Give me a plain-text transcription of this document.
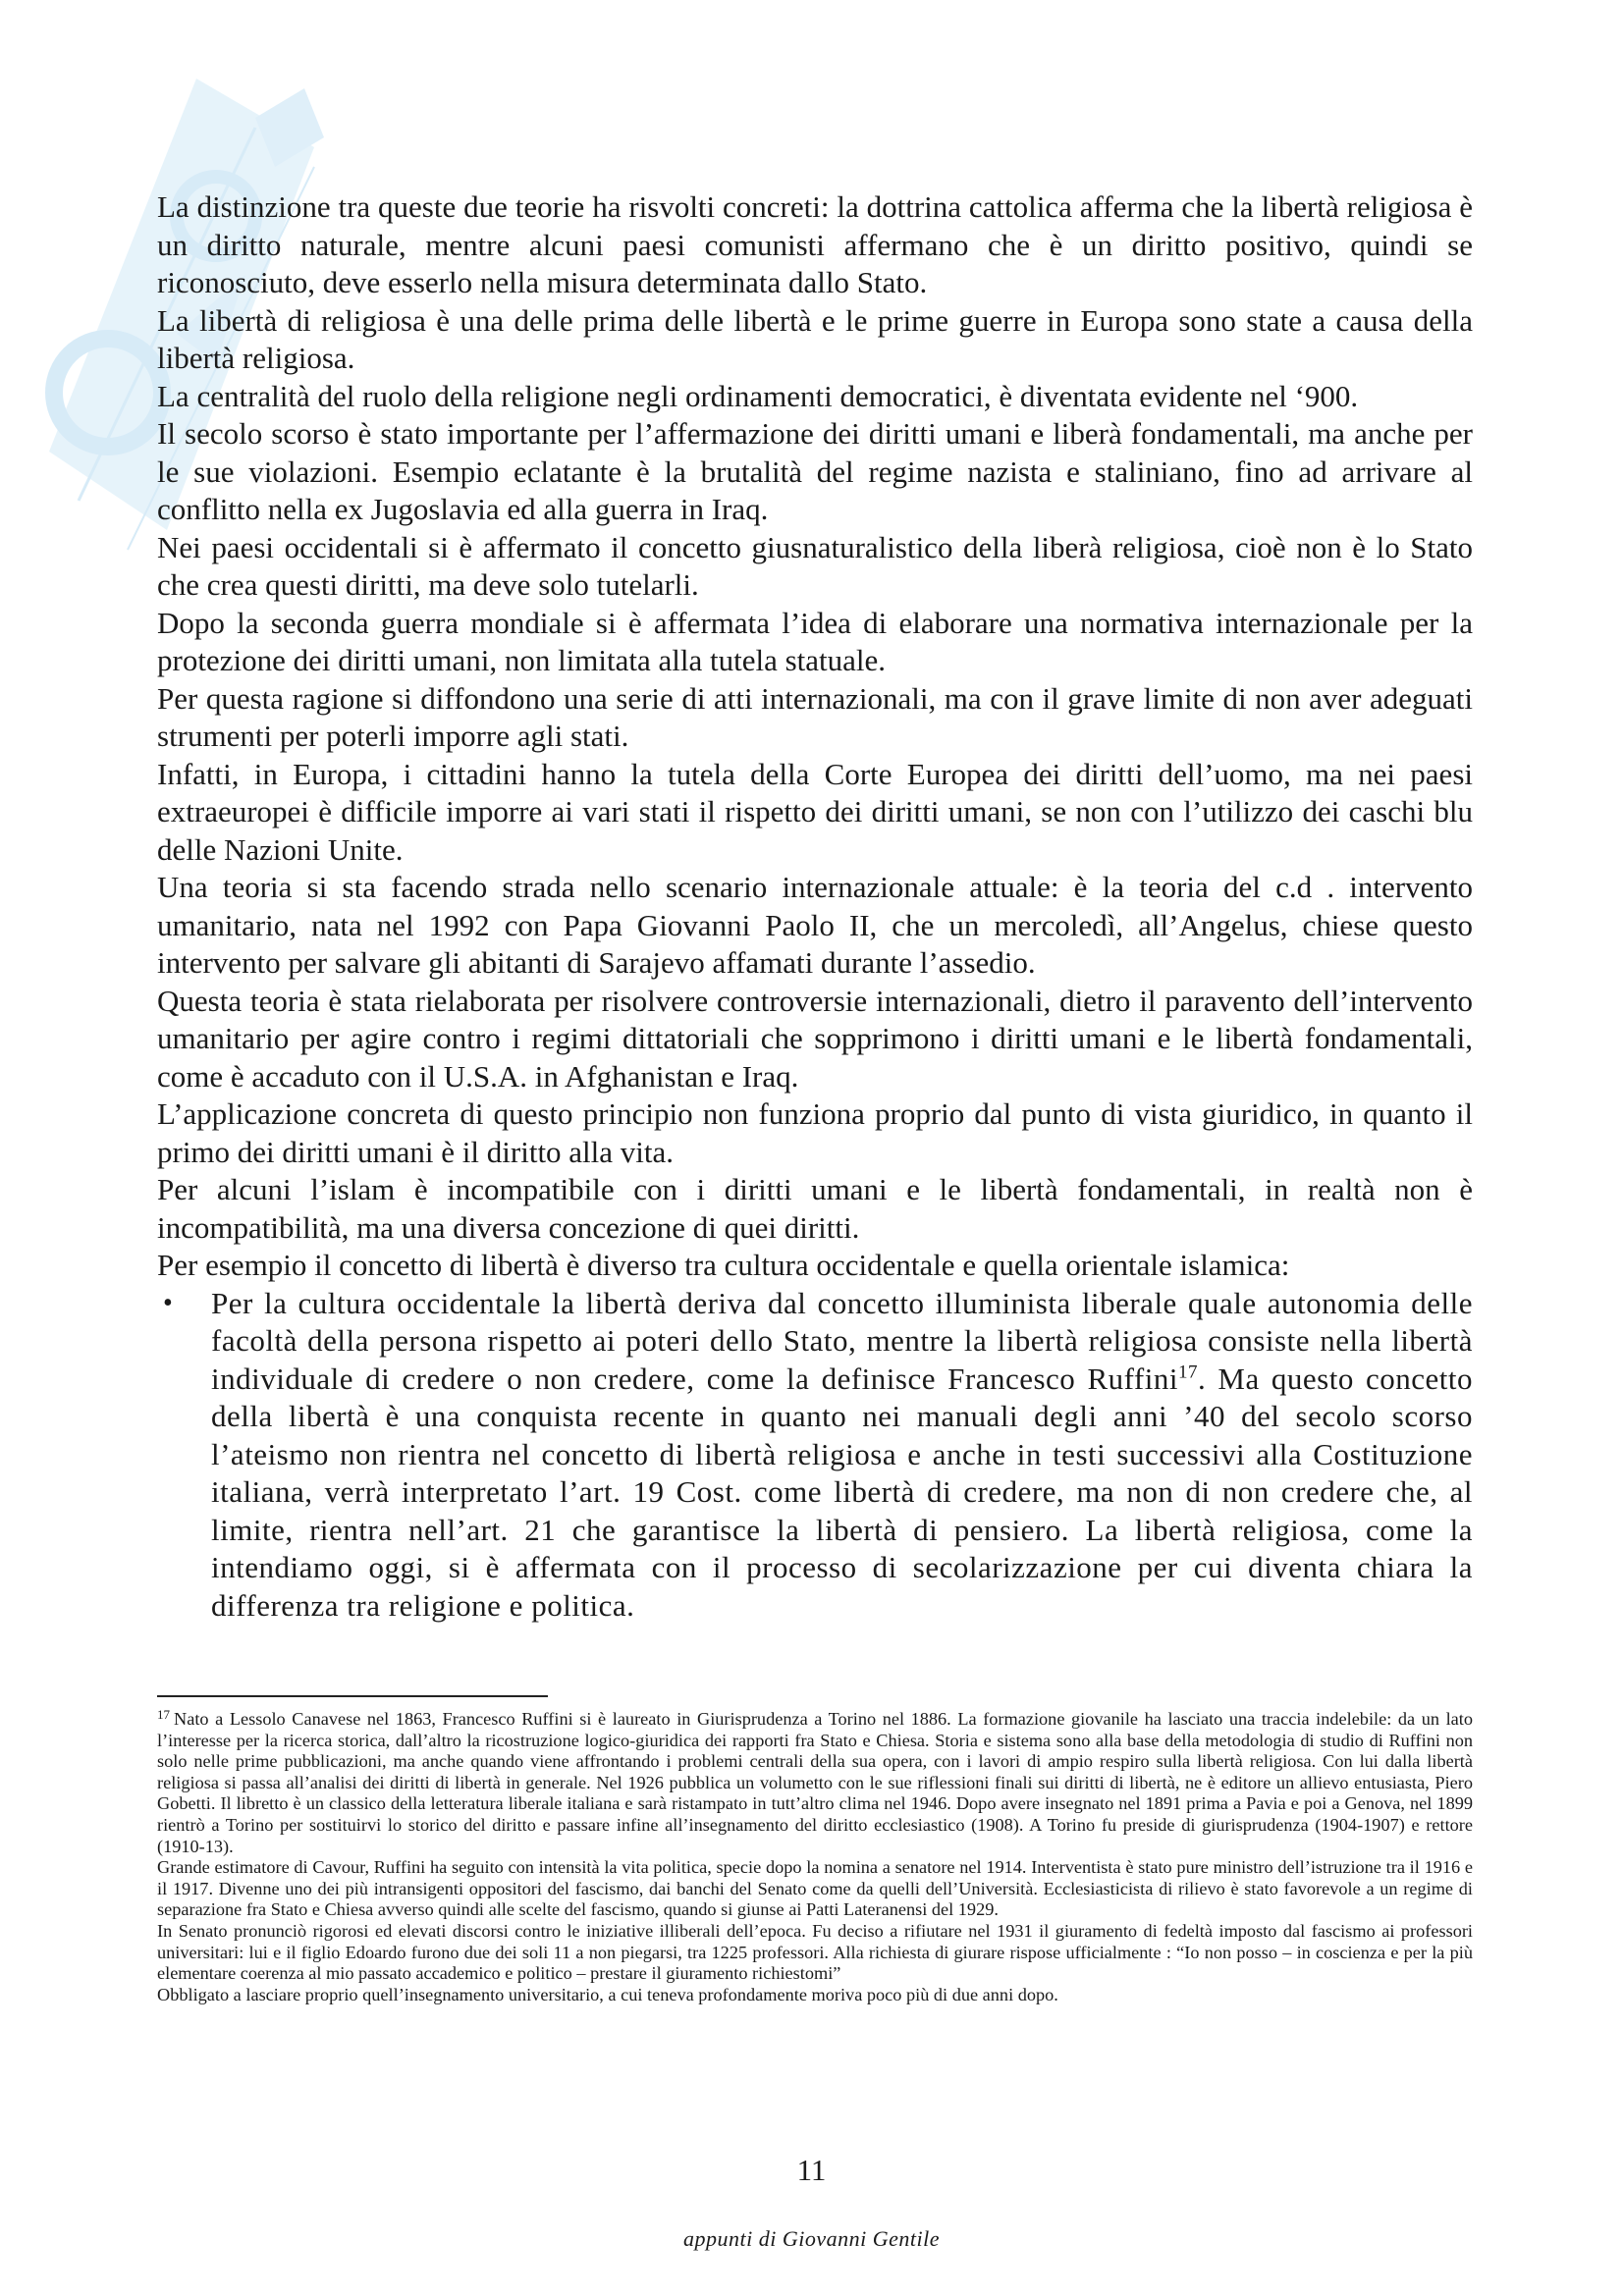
La distinzione tra queste due teorie ha risvolti concreti: la dottrina cattolica afferma che la libertà religiosa è un diritto naturale, mentre alcuni paesi comunisti affermano che è un diritto positivo, quindi se riconosciuto, deve esserlo nella misura determinata dallo Stato.

La libertà di religiosa è una delle prima delle libertà e le prime guerre in Europa sono state a causa della libertà religiosa.

La centralità del ruolo della religione negli ordinamenti democratici, è diventata evidente nel ‘900.

Il secolo scorso è stato importante per l’affermazione dei diritti umani e liberà fondamentali, ma anche per le sue violazioni. Esempio eclatante è la brutalità del regime nazista e staliniano, fino ad arrivare al conflitto nella ex Jugoslavia ed alla guerra in Iraq.

Nei paesi occidentali si è affermato il concetto giusnaturalistico della liberà religiosa, cioè non è lo Stato che crea questi diritti, ma deve solo tutelarli.

Dopo la seconda guerra mondiale si è affermata l’idea di elaborare una normativa internazionale per la protezione dei diritti umani, non limitata alla tutela statuale.

Per questa ragione si diffondono una serie di atti internazionali, ma con il grave limite di non aver adeguati strumenti per poterli imporre agli stati.

Infatti, in Europa, i cittadini hanno la tutela della Corte Europea dei diritti dell’uomo, ma nei paesi extraeuropei è difficile imporre ai vari stati il rispetto dei diritti umani, se non con l’utilizzo dei caschi blu delle Nazioni Unite.

Una teoria si sta facendo strada nello scenario internazionale attuale: è la teoria del c.d . intervento umanitario, nata nel 1992 con Papa Giovanni Paolo II, che un mercoledì, all’Angelus, chiese questo intervento per salvare gli abitanti di Sarajevo affamati durante l’assedio.

Questa teoria è stata rielaborata per risolvere controversie internazionali, dietro il paravento dell’intervento umanitario per agire contro i regimi dittatoriali che sopprimono i diritti umani e le libertà fondamentali, come è accaduto con il U.S.A. in Afghanistan e Iraq.

L’applicazione concreta di questo principio non funziona proprio dal punto di vista giuridico, in quanto il primo dei diritti umani è il diritto alla vita.

Per alcuni l’islam è incompatibile con i diritti umani e le libertà fondamentali, in realtà non è incompatibilità, ma una diversa concezione di quei diritti.

Per esempio il concetto di libertà è diverso tra cultura occidentale e quella orientale islamica:

• Per la cultura occidentale la libertà deriva dal concetto illuminista liberale quale autonomia delle facoltà della persona rispetto ai poteri dello Stato, mentre la libertà religiosa consiste nella libertà individuale di credere o non credere, come la definisce Francesco Ruffini$^{17}$. Ma questo concetto della libertà è una conquista recente in quanto nei manuali degli anni ’40 del secolo scorso l’ateismo non rientra nel concetto di libertà religiosa e anche in testi successivi alla Costituzione italiana, verrà interpretato l’art. 19 Cost. come libertà di credere, ma non di non credere che, al limite, rientra nell’art. 21 che garantisce la libertà di pensiero. La libertà religiosa, come la intendiamo oggi, si è affermata con il processo di secolarizzazione per cui diventa chiara la differenza tra religione e politica.

$^{17}$ Nato a Lessolo Canavese nel 1863, Francesco Ruffini si è laureato in Giurisprudenza a Torino nel 1886. La formazione giovanile ha lasciato una traccia indelebile: da un lato l’interesse per la ricerca storica, dall’altro la ricostruzione logico-giuridica dei rapporti fra Stato e Chiesa. Storia e sistema sono alla base della metodologia di studio di Ruffini non solo nelle prime pubblicazioni, ma anche quando viene affrontando i problemi centrali della sua opera, con i lavori di ampio respiro sulla libertà religiosa. Con lui dalla libertà religiosa si passa all’analisi dei diritti di libertà in generale. Nel 1926 pubblica un volumetto con le sue riflessioni finali sui diritti di libertà, ne è editore un allievo entusiasta, Piero Gobetti. Il libretto è un classico della letteratura liberale italiana e sarà ristampato in tutt’altro clima nel 1946. Dopo avere insegnato nel 1891 prima a Pavia e poi a Genova, nel 1899 rientrò a Torino per sostituirvi lo storico del diritto e passare infine all’insegnamento del diritto ecclesiastico (1908). A Torino fu preside di giurisprudenza (1904-1907) e rettore (1910-13).

Grande estimatore di Cavour, Ruffini ha seguito con intensità la vita politica, specie dopo la nomina a senatore nel 1914. Interventista è stato pure ministro dell’istruzione tra il 1916 e il 1917. Divenne uno dei più intransigenti oppositori del fascismo, dai banchi del Senato come da quelli dell’Università. Ecclesiasticista di rilievo è stato favorevole a un regime di separazione fra Stato e Chiesa avverso quindi alle scelte del fascismo, quando si giunse ai Patti Lateranensi del 1929.

In Senato pronunciò rigorosi ed elevati discorsi contro le iniziative illiberali dell’epoca. Fu deciso a rifiutare nel 1931 il giuramento di fedeltà imposto dal fascismo ai professori universitari: lui e il figlio Edoardo furono due dei soli 11 a non piegarsi, tra 1225 professori. Alla richiesta di giurare rispose ufficialmente : “Io non posso – in coscienza e per la più elementare coerenza al mio passato accademico e politico – prestare il giuramento richiestomi”

Obbligato a lasciare proprio quell’insegnamento universitario, a cui teneva profondamente moriva poco più di due anni dopo.

11
appunti di Giovanni Gentile
